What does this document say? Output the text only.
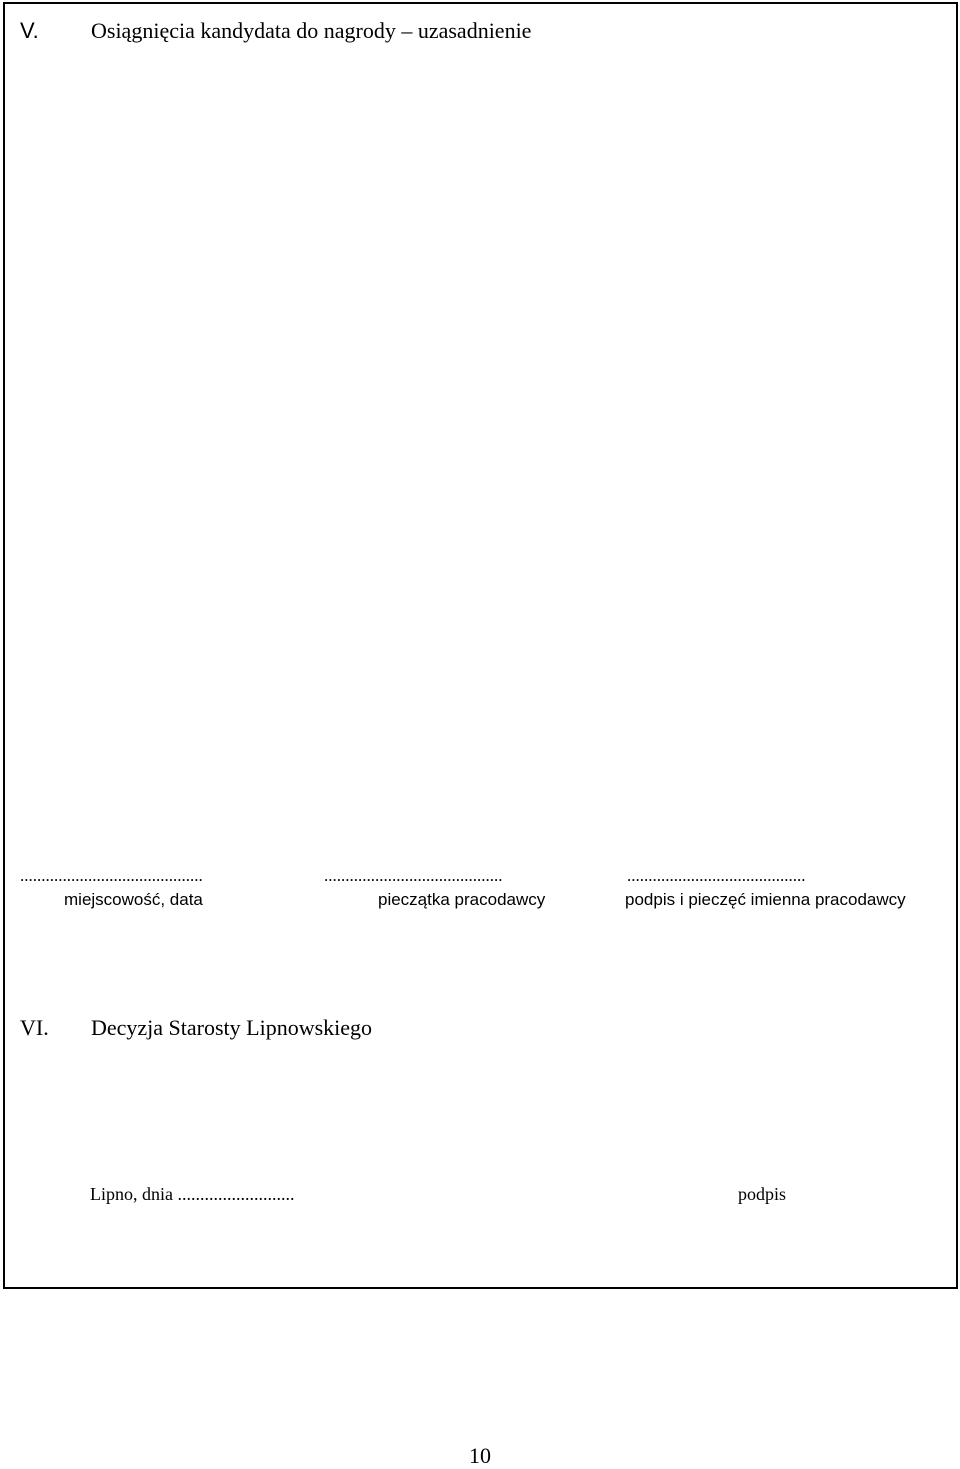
V. Osiągnięcia kandydata do nagrody – uzasadnienie
...........................................	..........................................	..........................................
miejscowość, data	pieczątka pracodawcy	podpis i pieczęć imienna pracodawcy
VI. Decyzja Starosty Lipnowskiego
Lipno, dnia ..........................	podpis
10
